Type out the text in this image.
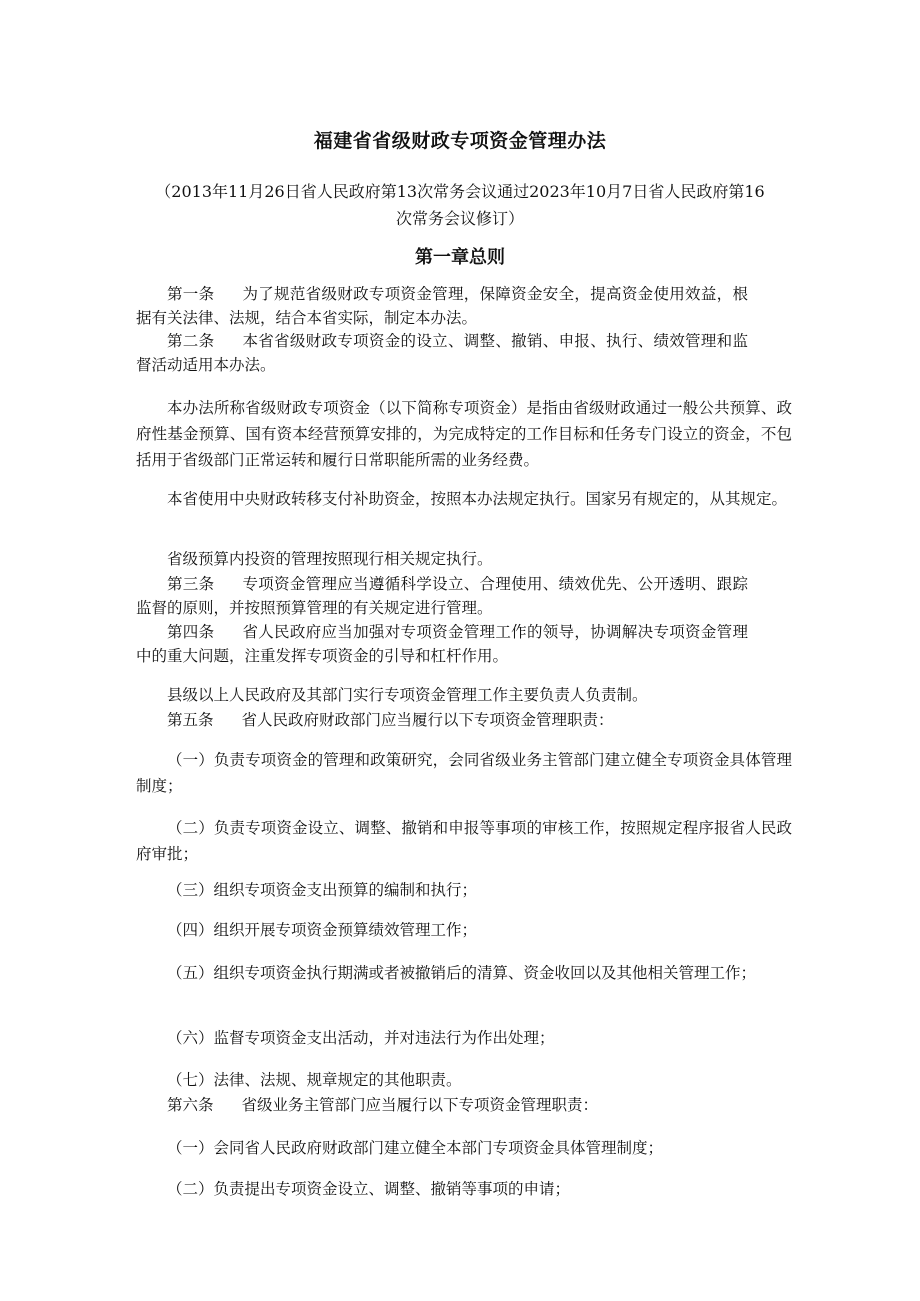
福建省省级财政专项资金管理办法

（2013年11月26日省人民政府第13次常务会议通过2023年10月7日省人民政府第16次常务会议修订）

第一章总则

第一条 为了规范省级财政专项资金管理，保障资金安全，提高资金使用效益，根据有关法律、法规，结合本省实际，制定本办法。

第二条 本省省级财政专项资金的设立、调整、撤销、申报、执行、绩效管理和监督活动适用本办法。

本办法所称省级财政专项资金（以下简称专项资金）是指由省级财政通过一般公共预算、政府性基金预算、国有资本经营预算安排的，为完成特定的工作目标和任务专门设立的资金，不包括用于省级部门正常运转和履行日常职能所需的业务经费。

本省使用中央财政转移支付补助资金，按照本办法规定执行。国家另有规定的，从其规定。

省级预算内投资的管理按照现行相关规定执行。

第三条 专项资金管理应当遵循科学设立、合理使用、绩效优先、公开透明、跟踪监督的原则，并按照预算管理的有关规定进行管理。

第四条 省人民政府应当加强对专项资金管理工作的领导，协调解决专项资金管理中的重大问题，注重发挥专项资金的引导和杠杆作用。

县级以上人民政府及其部门实行专项资金管理工作主要负责人负责制。

第五条 省人民政府财政部门应当履行以下专项资金管理职责：

（一）负责专项资金的管理和政策研究，会同省级业务主管部门建立健全专项资金具体管理制度；

（二）负责专项资金设立、调整、撤销和申报等事项的审核工作，按照规定程序报省人民政府审批；

（三）组织专项资金支出预算的编制和执行；

（四）组织开展专项资金预算绩效管理工作；

（五）组织专项资金执行期满或者被撤销后的清算、资金收回以及其他相关管理工作；

（六）监督专项资金支出活动，并对违法行为作出处理；

（七）法律、法规、规章规定的其他职责。

第六条 省级业务主管部门应当履行以下专项资金管理职责：

（一）会同省人民政府财政部门建立健全本部门专项资金具体管理制度；

（二）负责提出专项资金设立、调整、撤销等事项的申请；
